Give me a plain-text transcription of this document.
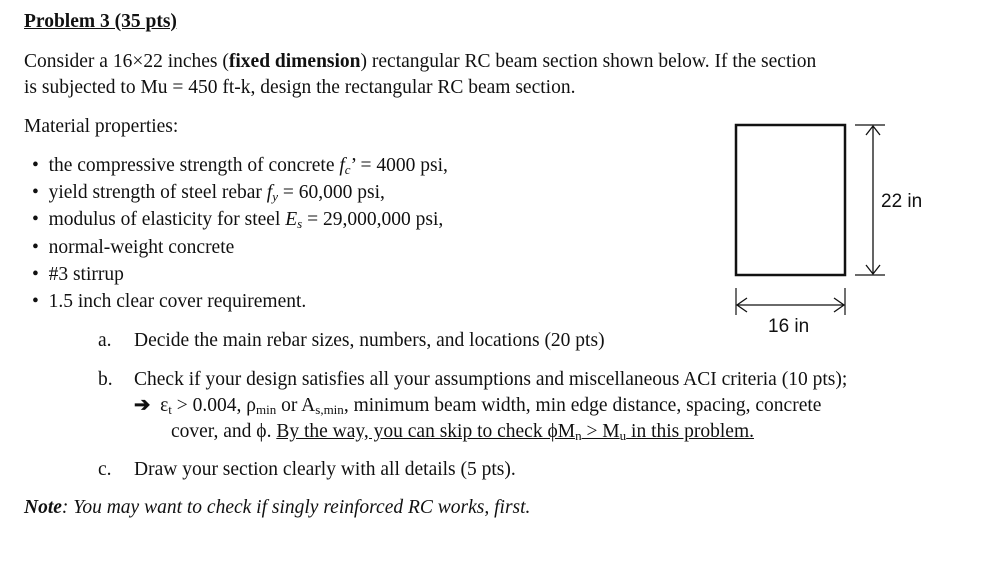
Problem 3 (35 pts)
Consider a 16×22 inches (fixed dimension) rectangular RC beam section shown below. If the section
is subjected to Mu = 450 ft-k, design the rectangular RC beam section.
Material properties:
• the compressive strength of concrete $f_c$’ = 4000 psi,
• yield strength of steel rebar $f_y = 60,000$ psi,
• modulus of elasticity for steel $E_s = 29,000,000$ psi,
• normal-weight concrete
• #3 stirrup
• 1.5 inch clear cover requirement.
a. Decide the main rebar sizes, numbers, and locations (20 pts)
b. Check if your design satisfies all your assumptions and miscellaneous ACI criteria (10 pts);
➔ εt > 0.004, ρmin or As,min, minimum beam width, min edge distance, spacing, concrete
cover, and ϕ. By the way, you can skip to check ϕMn > Mu in this problem.
c. Draw your section clearly with all details (5 pts).
Note: You may want to check if singly reinforced RC works, first.
22 in
16 in
